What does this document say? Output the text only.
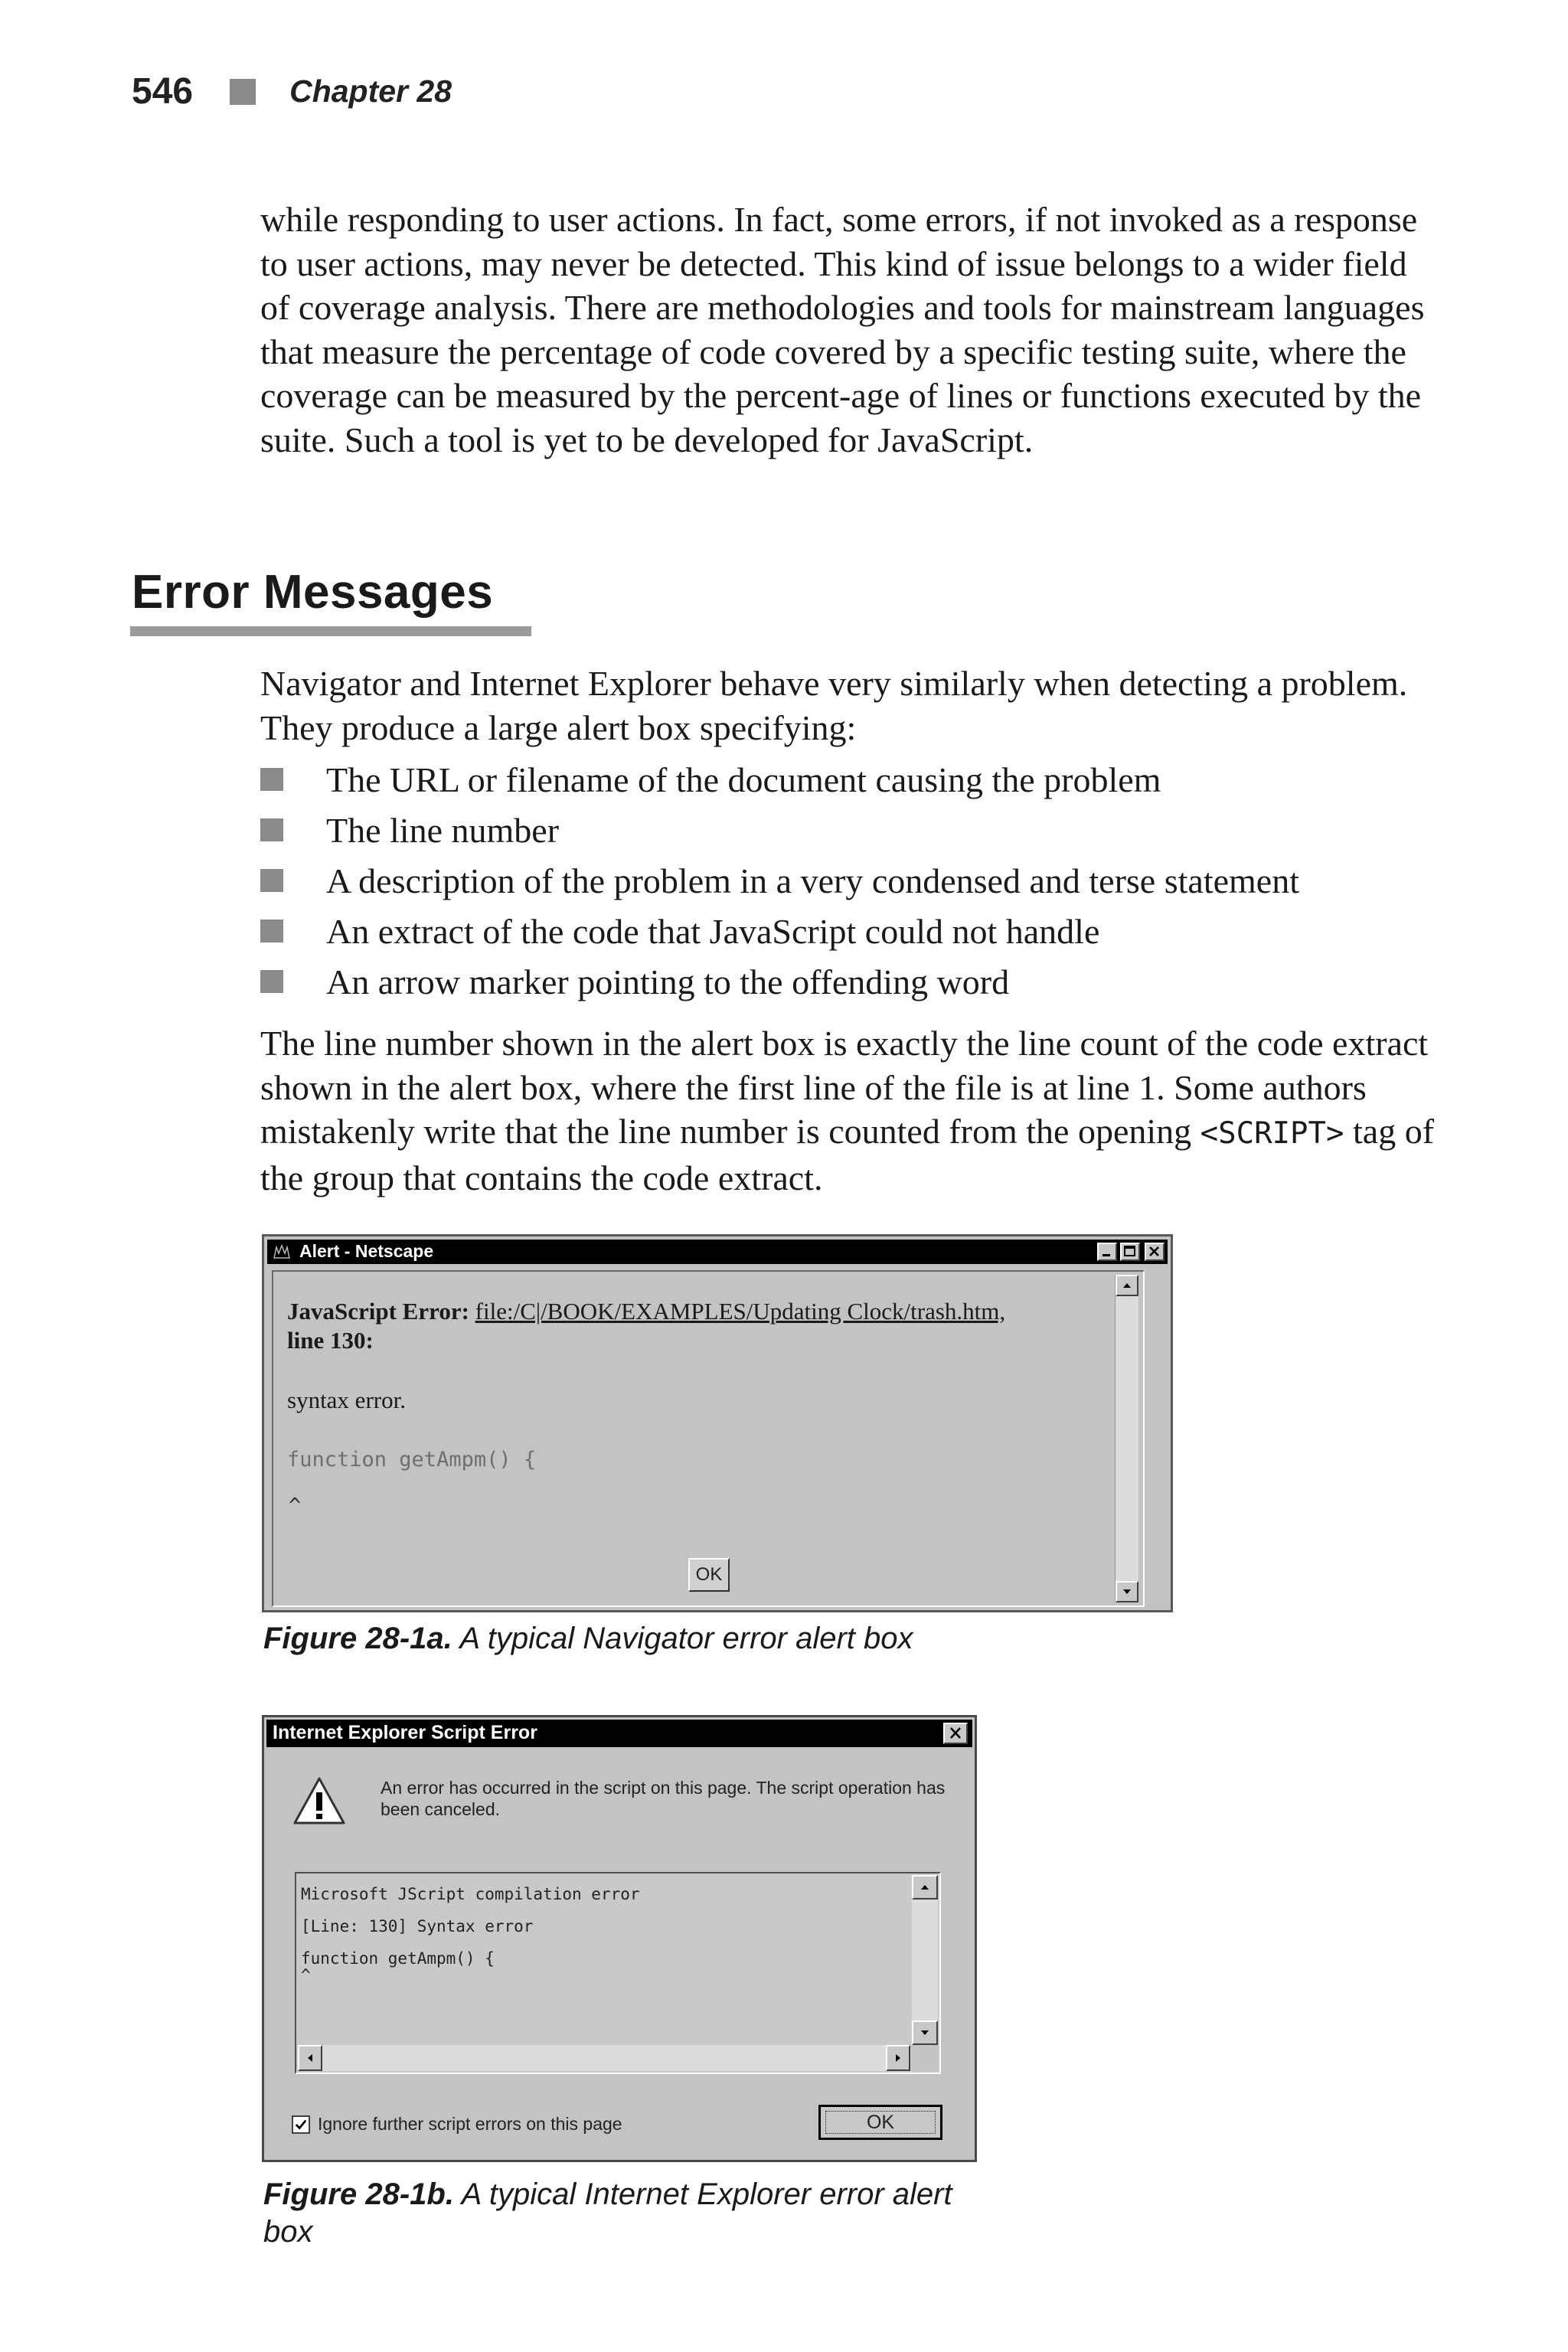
546	Chapter 28

while responding to user actions. In fact, some errors, if not invoked as a response to user actions, may never be detected. This kind of issue belongs to a wider field of coverage analysis. There are methodologies and tools for mainstream languages that measure the percentage of code covered by a specific testing suite, where the coverage can be measured by the percent-age of lines or functions executed by the suite. Such a tool is yet to be developed for JavaScript.

Error Messages

Navigator and Internet Explorer behave very similarly when detecting a problem. They produce a large alert box specifying:

The URL or filename of the document causing the problem
The line number
A description of the problem in a very condensed and terse statement
An extract of the code that JavaScript could not handle
An arrow marker pointing to the offending word

The line number shown in the alert box is exactly the line count of the code extract shown in the alert box, where the first line of the file is at line 1. Some authors mistakenly write that the line number is counted from the opening <SCRIPT> tag of the group that contains the code extract.

Alert - Netscape
JavaScript Error: file:/C|/BOOK/EXAMPLES/Updating Clock/trash.htm,
line 130:
syntax error.
function getAmpm() {
^
OK
Figure 28-1a. A typical Navigator error alert box
Internet Explorer Script Error
An error has occurred in the script on this page. The script operation has been canceled.
Microsoft JScript compilation error
[Line: 130] Syntax error
function getAmpm() {
^
Ignore further script errors on this page	OK
Figure 28-1b. A typical Internet Explorer error alert box
